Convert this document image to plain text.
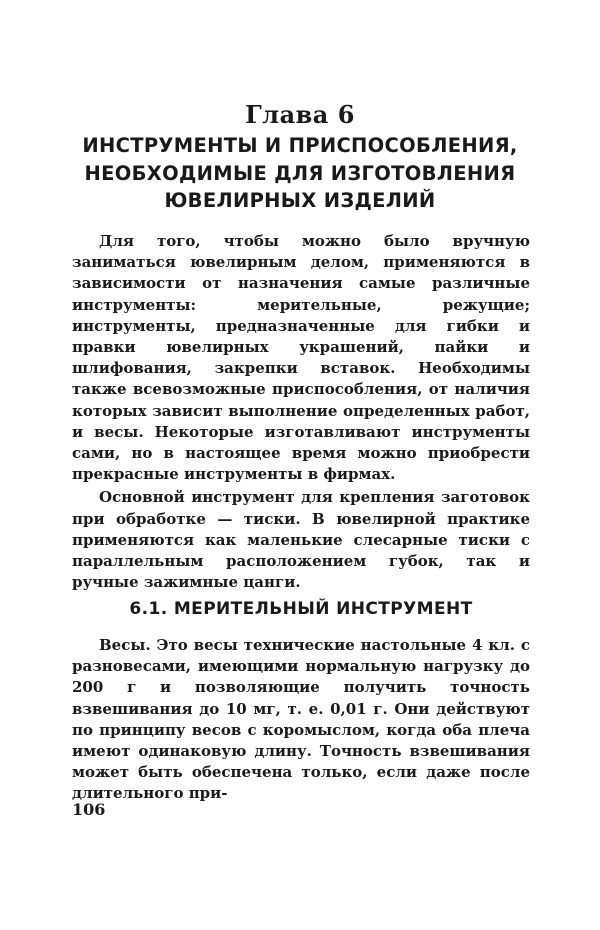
Глава 6
ИНСТРУМЕНТЫ И ПРИСПОСОБЛЕНИЯ,
НЕОБХОДИМЫЕ ДЛЯ ИЗГОТОВЛЕНИЯ
ЮВЕЛИРНЫХ ИЗДЕЛИЙ

Для того, чтобы можно было вручную заниматься ювелирным делом, применяются в зависимости от назначения самые различные инструменты: мерительные, режущие; инструменты, предназначенные для гибки и правки ювелирных украшений, пайки и шлифования, закрепки вставок. Необходимы также всевозможные приспособления, от наличия которых зависит выполнение определенных работ, и весы. Некоторые изготавливают инструменты сами, но в настоящее время можно приобрести прекрасные инструменты в фирмах.

Основной инструмент для крепления заготовок при обработке — тиски. В ювелирной практике применяются как маленькие слесарные тиски с параллельным расположением губок, так и ручные зажимные цанги.

6.1. МЕРИТЕЛЬНЫЙ ИНСТРУМЕНТ

Весы. Это весы технические настольные 4 кл. с разновесами, имеющими нормальную нагрузку до 200 г и позволяющие получить точность взвешивания до 10 мг, т. е. 0,01 г. Они действуют по принципу весов с коромыслом, когда оба плеча имеют одинаковую длину. Точность взвешивания может быть обеспечена только, если даже после длительного при-

106
